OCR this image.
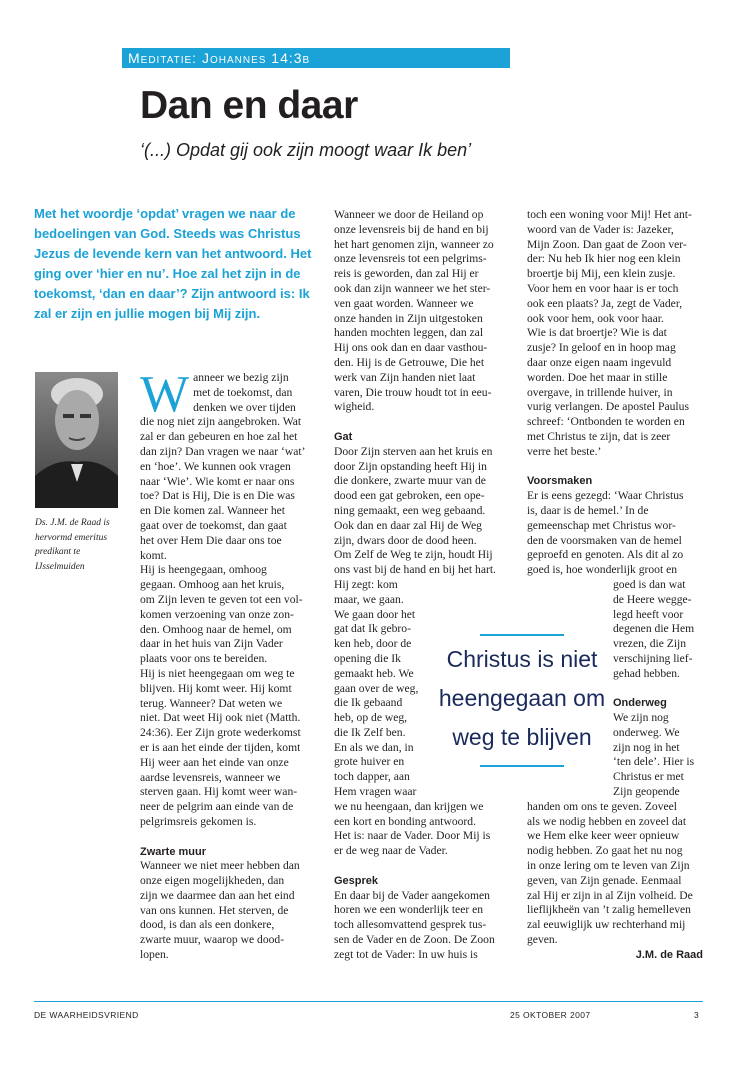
Meditatie: Johannes 14:3b
Dan en daar
‘(...) Opdat gij ook zijn moogt waar Ik ben’
Met het woordje ‘opdat’ vragen we naar de bedoelingen van God. Steeds was Christus Jezus de levende kern van het antwoord. Het ging over ‘hier en nu’. Hoe zal het zijn in de toekomst, ‘dan en daar’? Zijn antwoord is: Ik zal er zijn en jullie mogen bij Mij zijn.
Ds. J.M. de Raad is hervormd emeritus predikant te IJsselmuiden
W anneer we bezig zijn
met de toekomst, dan
denken we over tijden
die nog niet zijn aangebroken. Wat
zal er dan gebeuren en hoe zal het
dan zijn? Dan vragen we naar ‘wat’
en ‘hoe’. We kunnen ook vragen
naar ‘Wie’. Wie komt er naar ons
toe? Dat is Hij, Die is en Die was
en Die komen zal. Wanneer het
gaat over de toekomst, dan gaat
het over Hem Die daar ons toe
komt.
Hij is heengegaan, omhoog
gegaan. Omhoog aan het kruis,
om Zijn leven te geven tot een vol-
komen verzoening van onze zon-
den. Omhoog naar de hemel, om
daar in het huis van Zijn Vader
plaats voor ons te bereiden.
Hij is niet heengegaan om weg te
blijven. Hij komt weer. Hij komt
terug. Wanneer? Dat weten we
niet. Dat weet Hij ook niet (Matth.
24:36). Eer Zijn grote wederkomst
er is aan het einde der tijden, komt
Hij weer aan het einde van onze
aardse levensreis, wanneer we
sterven gaan. Hij komt weer wan-
neer de pelgrim aan einde van de
pelgrimsreis gekomen is.
Zwarte muur
Wanneer we niet meer hebben dan
onze eigen mogelijkheden, dan
zijn we daarmee dan aan het eind
van ons kunnen. Het sterven, de
dood, is dan als een donkere,
zwarte muur, waarop we dood-
lopen.
Wanneer we door de Heiland op
onze levensreis bij de hand en bij
het hart genomen zijn, wanneer zo
onze levensreis tot een pelgrims-
reis is geworden, dan zal Hij er
ook dan zijn wanneer we het ster-
ven gaat worden. Wanneer we
onze handen in Zijn uitgestoken
handen mochten leggen, dan zal
Hij ons ook dan en daar vasthou-
den. Hij is de Getrouwe, Die het
werk van Zijn handen niet laat
varen, Die trouw houdt tot in eeu-
wigheid.
Gat
Door Zijn sterven aan het kruis en
door Zijn opstanding heeft Hij in
die donkere, zwarte muur van de
dood een gat gebroken, een ope-
ning gemaakt, een weg gebaand.
Ook dan en daar zal Hij de Weg
zijn, dwars door de dood heen.
Om Zelf de Weg te zijn, houdt Hij
ons vast bij de hand en bij het hart.
Hij zegt: kom
maar, we gaan.
We gaan door het
gat dat Ik gebro-
ken heb, door de
opening die Ik
gemaakt heb. We
gaan over de weg,
die Ik gebaand
heb, op de weg,
die Ik Zelf ben.
En als we dan, in
grote huiver en
toch dapper, aan
Hem vragen waar
we nu heengaan, dan krijgen we
een kort en bonding antwoord.
Het is: naar de Vader. Door Mij is
er de weg naar de Vader.
Gesprek
En daar bij de Vader aangekomen
horen we een wonderlijk teer en
toch allesomvattend gesprek tus-
sen de Vader en de Zoon. De Zoon
zegt tot de Vader: In uw huis is
toch een woning voor Mij! Het ant-
woord van de Vader is: Jazeker,
Mijn Zoon. Dan gaat de Zoon ver-
der: Nu heb Ik hier nog een klein
broertje bij Mij, een klein zusje.
Voor hem en voor haar is er toch
ook een plaats? Ja, zegt de Vader,
ook voor hem, ook voor haar.
Wie is dat broertje? Wie is dat
zusje? In geloof en in hoop mag
daar onze eigen naam ingevuld
worden. Doe het maar in stille
overgave, in trillende huiver, in
vurig verlangen. De apostel Paulus
schreef: ‘Ontbonden te worden en
met Christus te zijn, dat is zeer
verre het beste.’
Voorsmaken
Er is eens gezegd: ‘Waar Christus
is, daar is de hemel.’ In de
gemeenschap met Christus wor-
den de voorsmaken van de hemel
geproefd en genoten. Als dit al zo
goed is, hoe wonderlijk groot en
goed is dan wat
de Heere wegge-
legd heeft voor
degenen die Hem
vrezen, die Zijn
verschijning lief-
gehad hebben.
Onderweg
We zijn nog
onderweg. We
zijn nog in het
‘ten dele’. Hier is
Christus er met
Zijn geopende
handen om ons te geven. Zoveel
als we nodig hebben en zoveel dat
we Hem elke keer weer opnieuw
nodig hebben. Zo gaat het nu nog
in onze lering om te leven van Zijn
geven, van Zijn genade. Eenmaal
zal Hij er zijn in al Zijn volheid. De
lieflijkheën van ’t zalig hemelleven
zal eeuwiglijk uw rechterhand mij
geven.
J.M. de Raad
Christus is niet
heengegaan om
weg te blijven
DE WAARHEIDSVRIEND	25 OKTOBER 2007	3
